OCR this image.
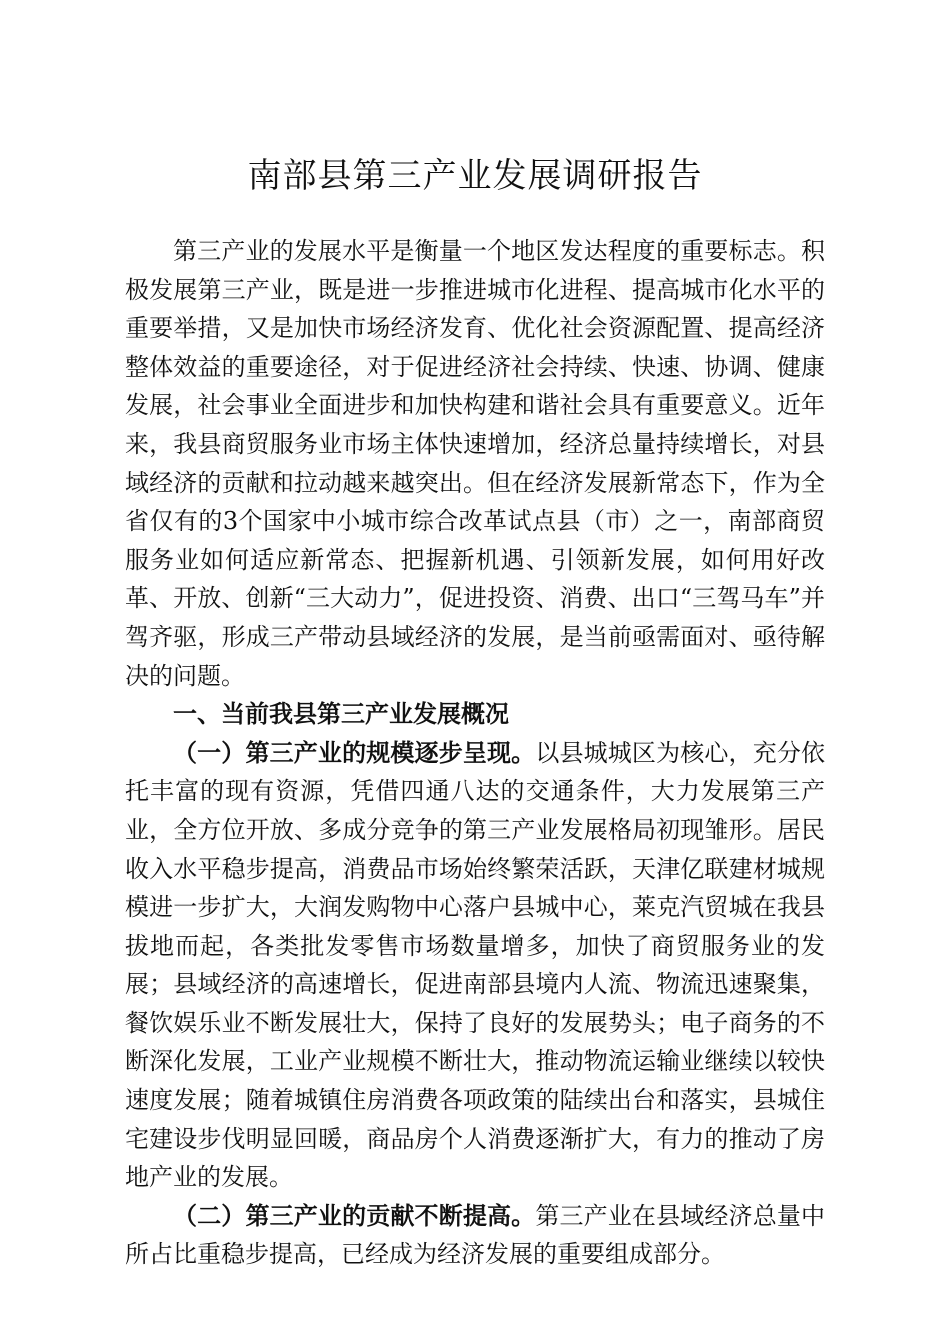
南部县第三产业发展调研报告

第三产业的发展水平是衡量一个地区发达程度的重要标志。积极发展第三产业，既是进一步推进城市化进程、提高城市化水平的重要举措，又是加快市场经济发育、优化社会资源配置、提高经济整体效益的重要途径，对于促进经济社会持续、快速、协调、健康发展，社会事业全面进步和加快构建和谐社会具有重要意义。近年来，我县商贸服务业市场主体快速增加，经济总量持续增长，对县域经济的贡献和拉动越来越突出。但在经济发展新常态下，作为全省仅有的3个国家中小城市综合改革试点县（市）之一，南部商贸服务业如何适应新常态、把握新机遇、引领新发展，如何用好改革、开放、创新“三大动力”，促进投资、消费、出口“三驾马车”并驾齐驱，形成三产带动县域经济的发展，是当前亟需面对、亟待解决的问题。

一、当前我县第三产业发展概况

（一）第三产业的规模逐步呈现。以县城城区为核心，充分依托丰富的现有资源，凭借四通八达的交通条件，大力发展第三产业，全方位开放、多成分竞争的第三产业发展格局初现雏形。居民收入水平稳步提高，消费品市场始终繁荣活跃，天津亿联建材城规模进一步扩大，大润发购物中心落户县城中心，莱克汽贸城在我县拔地而起，各类批发零售市场数量增多，加快了商贸服务业的发展；县域经济的高速增长，促进南部县境内人流、物流迅速聚集，餐饮娱乐业不断发展壮大，保持了良好的发展势头；电子商务的不断深化发展，工业产业规模不断壮大，推动物流运输业继续以较快速度发展；随着城镇住房消费各项政策的陆续出台和落实，县城住宅建设步伐明显回暖，商品房个人消费逐渐扩大，有力的推动了房地产业的发展。

（二）第三产业的贡献不断提高。第三产业在县域经济总量中所占比重稳步提高，已经成为经济发展的重要组成部分。
